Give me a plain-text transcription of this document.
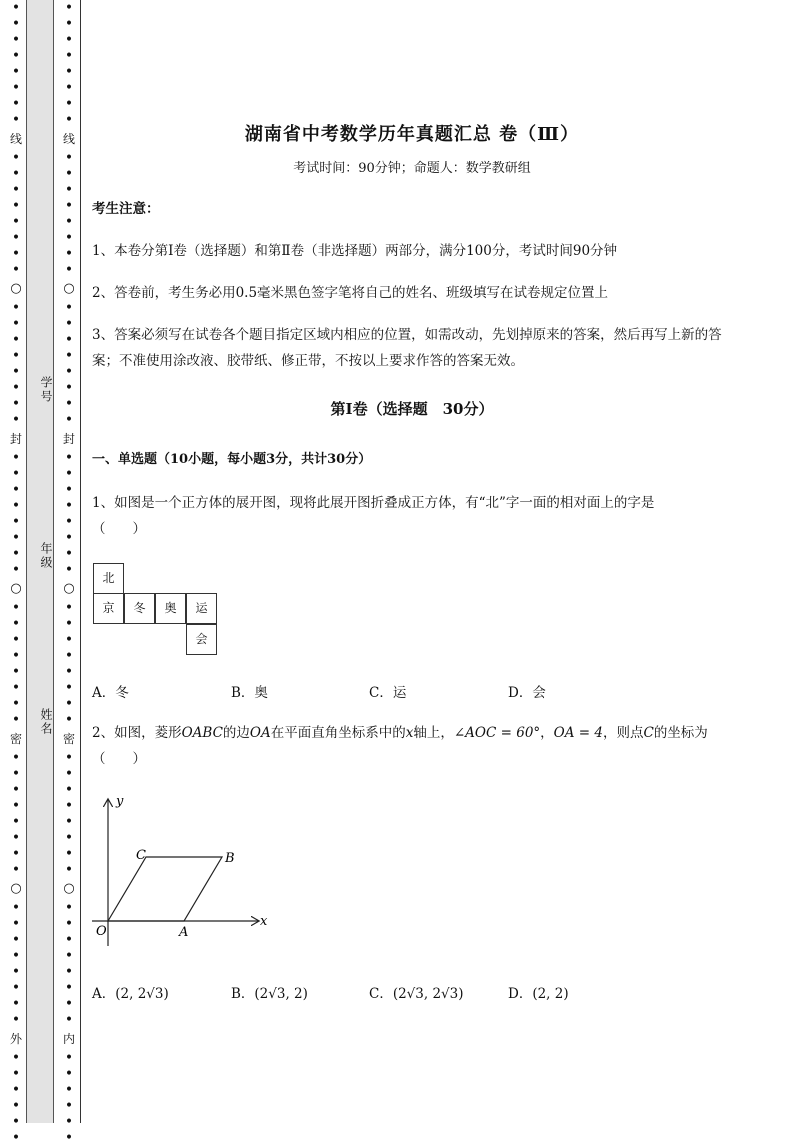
•
•
•
•
•
•
•
•
线
•
•
•
•
•
•
•
•
○
•
•
•
•
•
•
•
•
封
•
•
•
•
•
•
•
•
○
•
•
•
•
•
•
•
•
密
•
•
•
•
•
•
•
•
○
•
•
•
•
•
•
•
•
外
•
•
•
•
•
•
•
•
•
•
•
•
•
•
线
•
•
•
•
•
•
•
•
○
•
•
•
•
•
•
•
•
封
•
•
•
•
•
•
•
•
○
•
•
•
•
•
•
•
•
密
•
•
•
•
•
•
•
•
○
•
•
•
•
•
•
•
•
内
•
•
•
•
•
•
学号
年级
姓名
湖南省中考数学历年真题汇总 卷（Ⅲ）
考试时间：90分钟；命题人：数学教研组
考生注意：
1、本卷分第I卷（选择题）和第Ⅱ卷（非选择题）两部分，满分100分，考试时间90分钟
2、答卷前，考生务必用0.5毫米黑色签字笔将自己的姓名、班级填写在试卷规定位置上
3、答案必须写在试卷各个题目指定区域内相应的位置，如需改动，先划掉原来的答案，然后再写上新的答案；不准使用涂改液、胶带纸、修正带，不按以上要求作答的答案无效。
第I卷（选择题　30分）
一、单选题（10小题，每小题3分，共计30分）
1、如图是一个正方体的展开图，现将此展开图折叠成正方体，有“北”字一面的相对面上的字是
（　　）
A．冬	B．奥	C．运	D．会
2、如图，菱形OABC的边OA在平面直角坐标系中的x轴上，∠AOC = 60°，OA = 4，则点C的坐标为
（　　）
A．(2, 2√3)	B．(2√3, 2)	C．(2√3, 2√3)	D．(2, 2)
北
京	冬	奥	运
会
y
x
O	A
B
C
